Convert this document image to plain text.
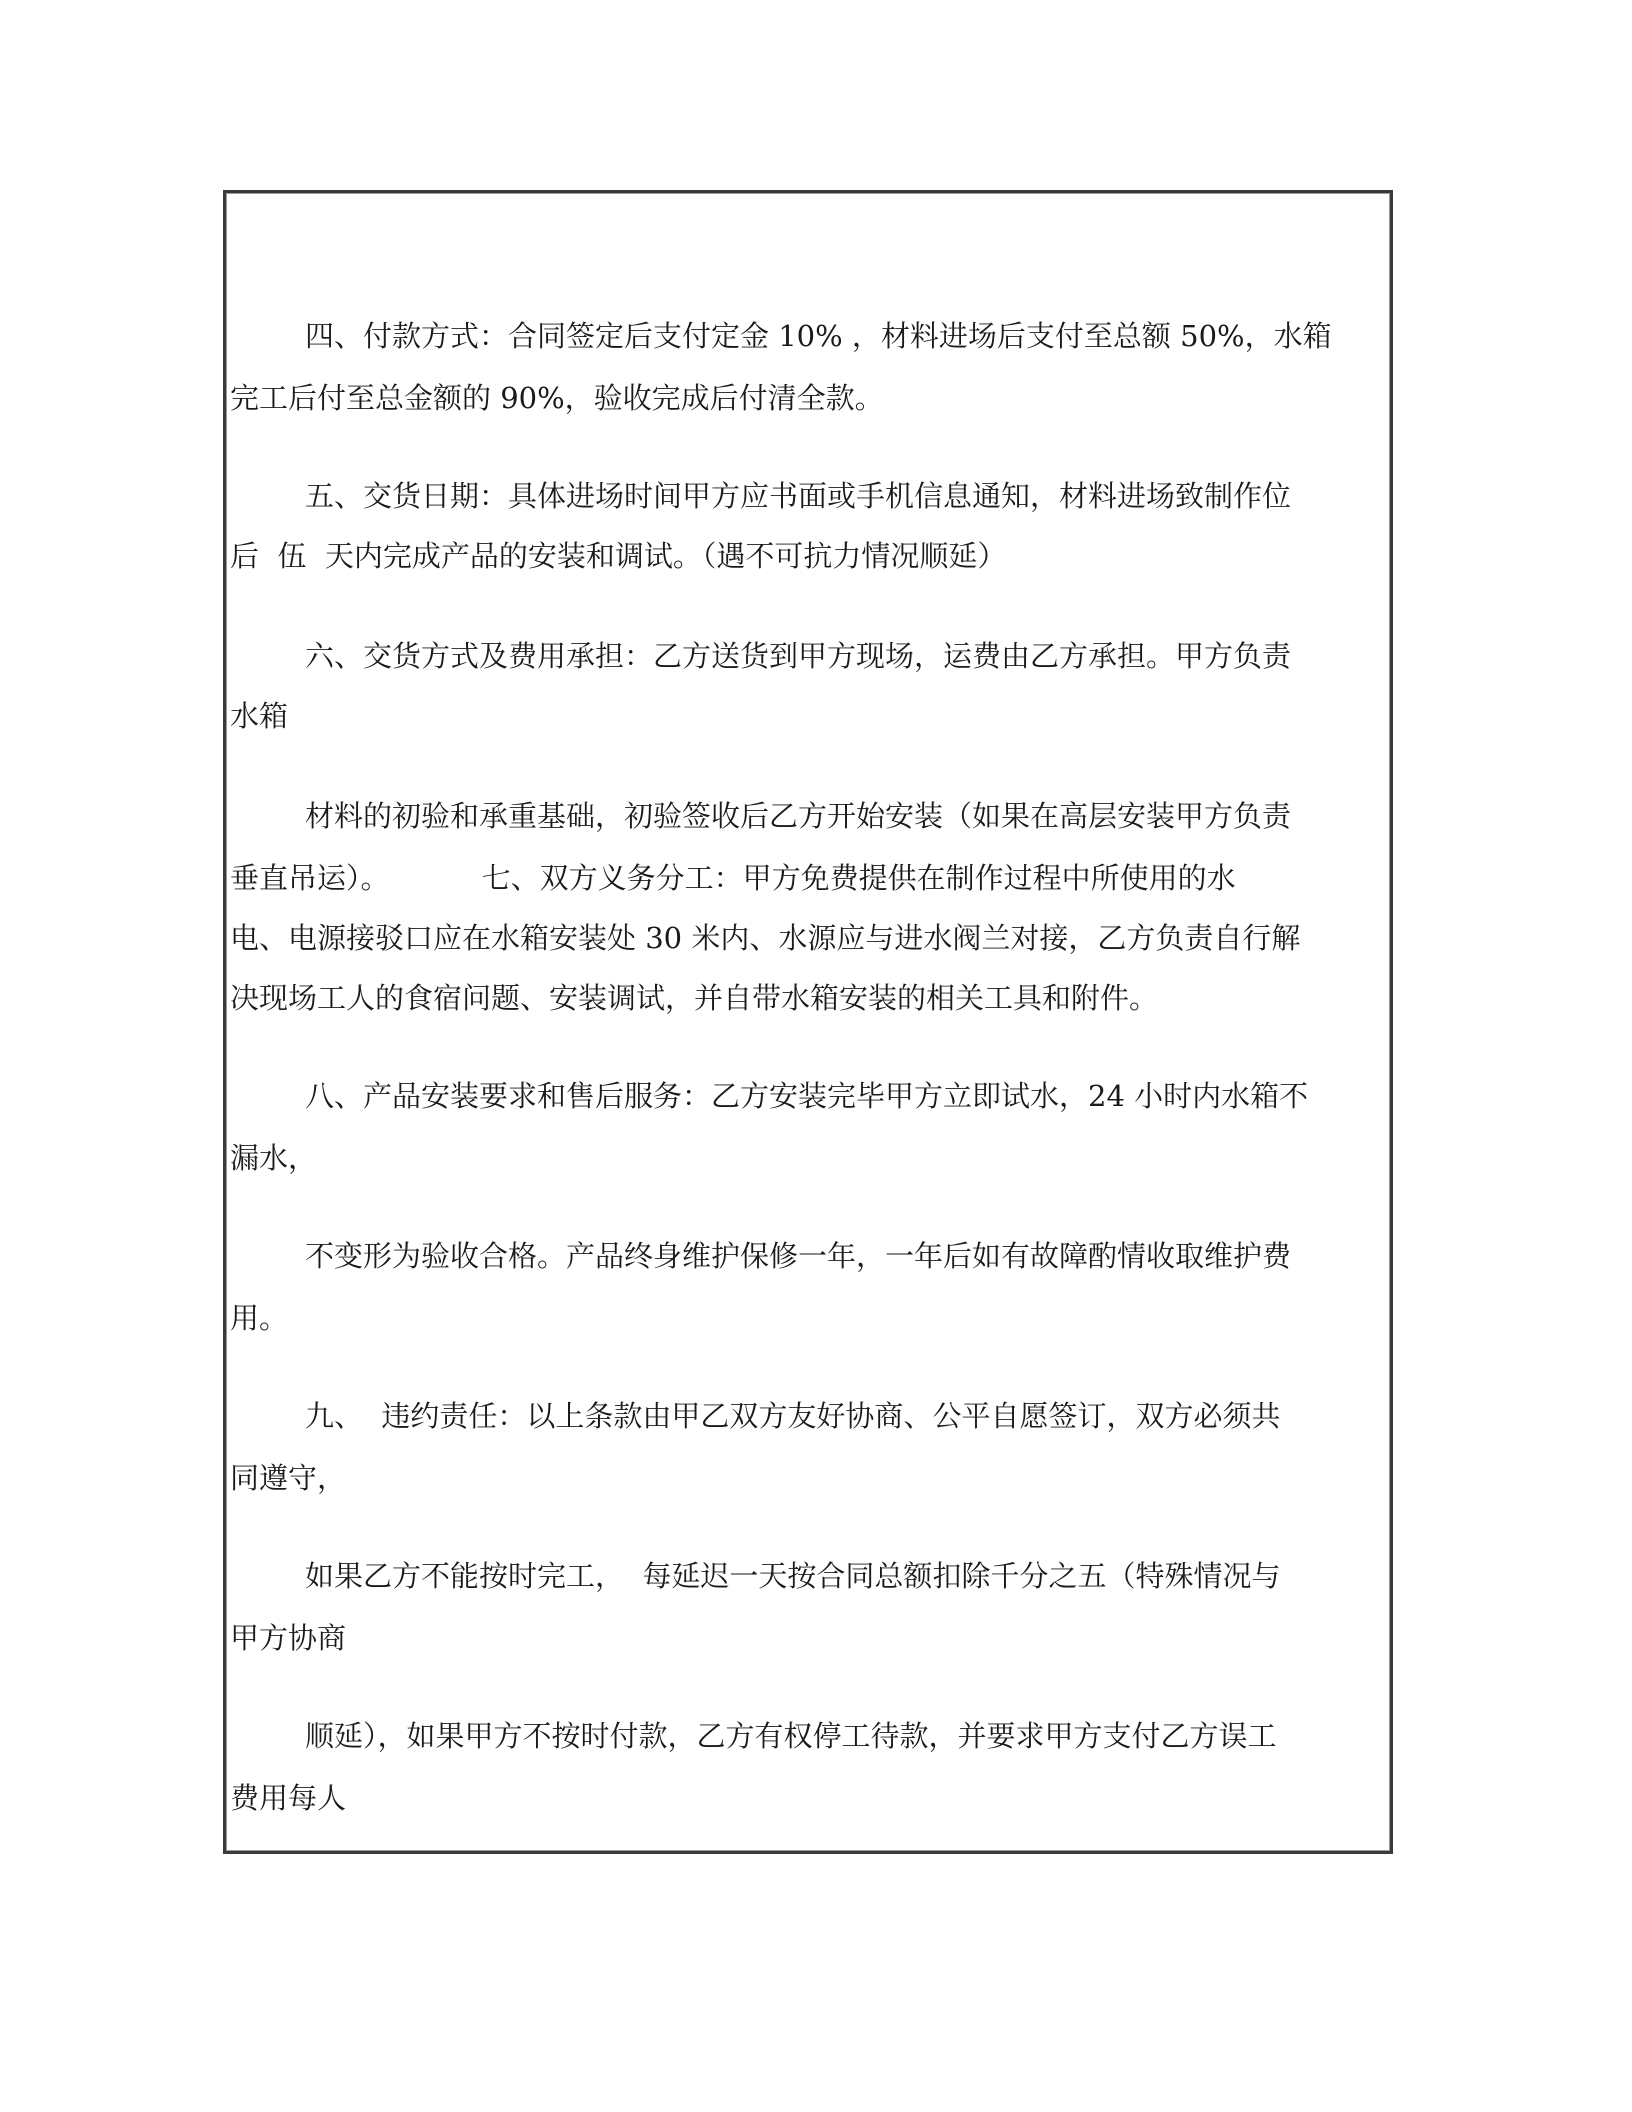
四、付款方式：合同签定后支付定金 10% ，材料进场后支付至总额 50%，水箱
完工后付至总金额的 90%，验收完成后付清全款。
五、交货日期：具体进场时间甲方应书面或手机信息通知，材料进场致制作位
后  伍  天内完成产品的安装和调试。（遇不可抗力情况顺延）
六、交货方式及费用承担：乙方送货到甲方现场，运费由乙方承担。甲方负责
水箱
材料的初验和承重基础，初验签收后乙方开始安装（如果在高层安装甲方负责
垂直吊运）。          七、双方义务分工：甲方免费提供在制作过程中所使用的水
电、电源接驳口应在水箱安装处 30 米内、水源应与进水阀兰对接，乙方负责自行解
决现场工人的食宿问题、安装调试，并自带水箱安装的相关工具和附件。
八、产品安装要求和售后服务：乙方安装完毕甲方立即试水，24 小时内水箱不
漏水，
不变形为验收合格。产品终身维护保修一年，一年后如有故障酌情收取维护费
用。
九、  违约责任：以上条款由甲乙双方友好协商、公平自愿签订，双方必须共
同遵守，
如果乙方不能按时完工，  每延迟一天按合同总额扣除千分之五（特殊情况与
甲方协商
顺延），如果甲方不按时付款，乙方有权停工待款，并要求甲方支付乙方误工
费用每人
